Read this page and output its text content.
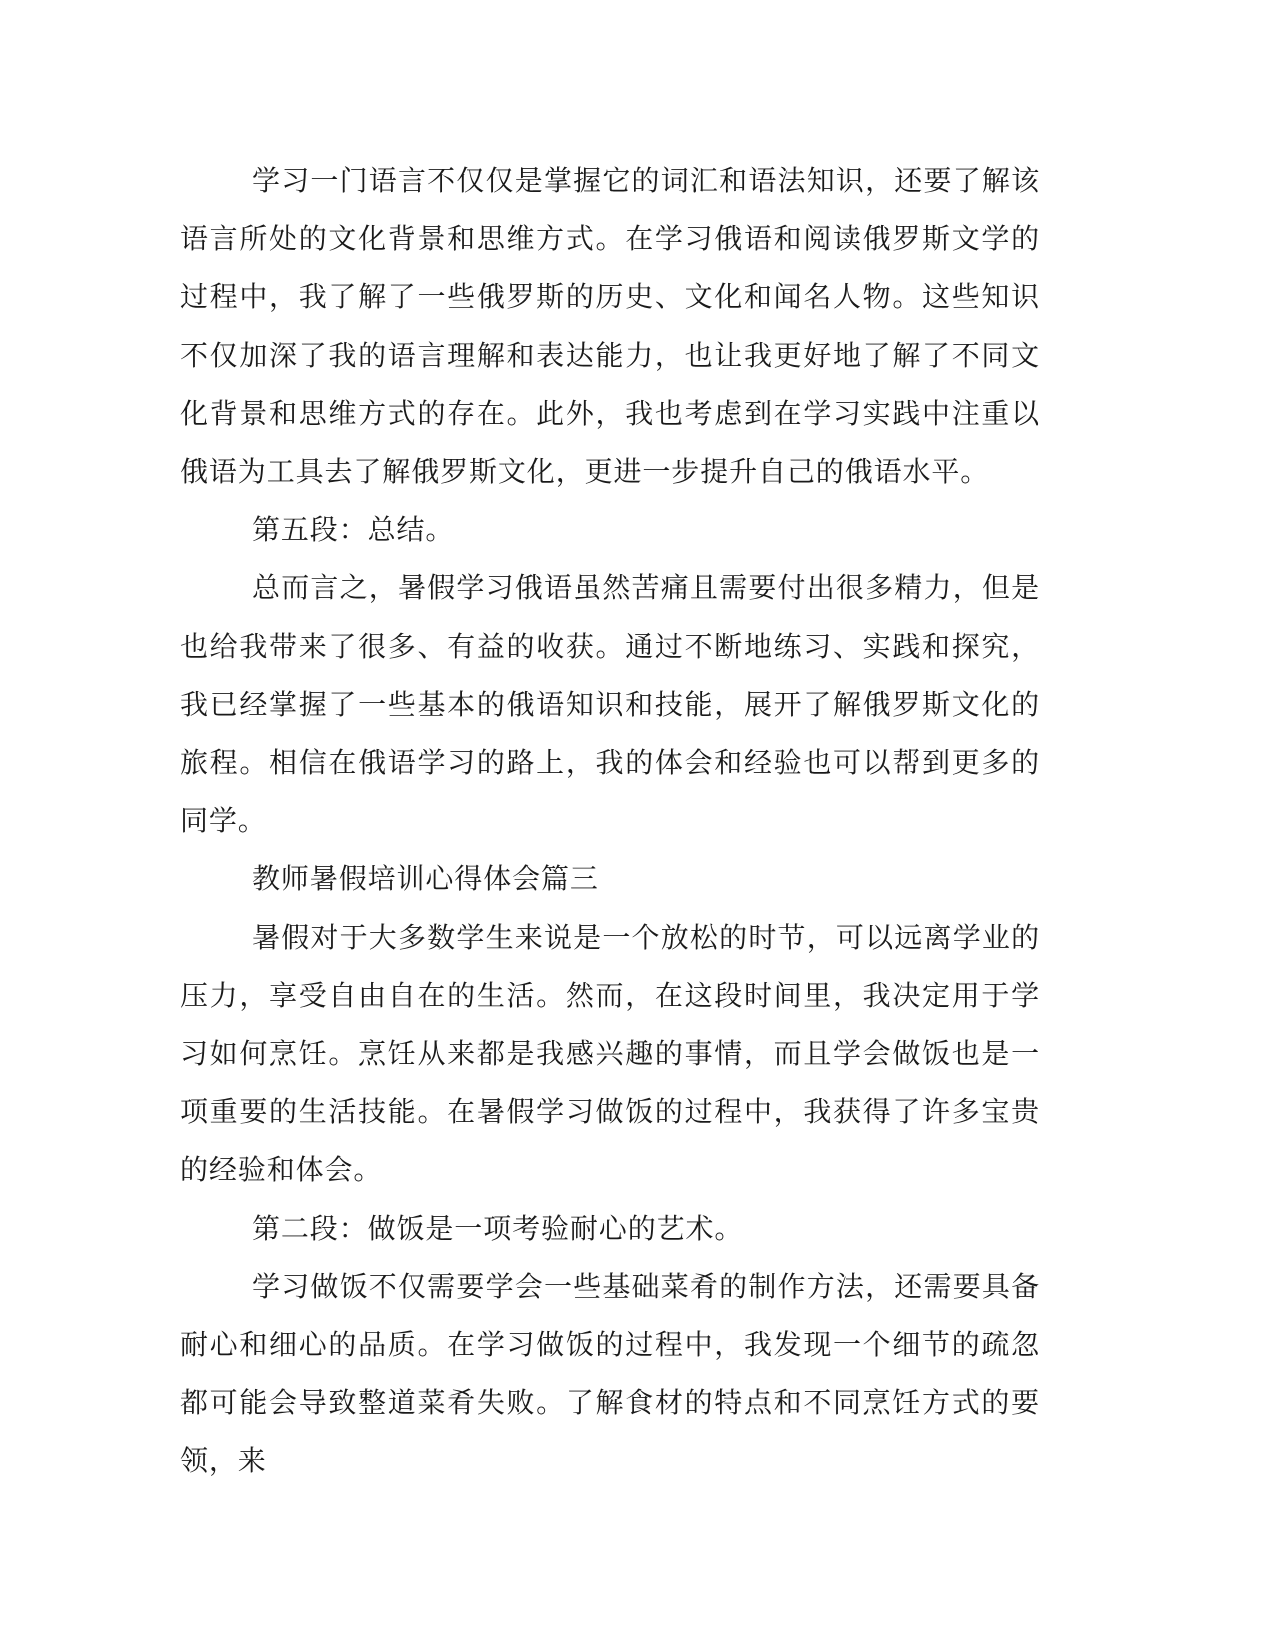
学习一门语言不仅仅是掌握它的词汇和语法知识，还要了解该语言所处的文化背景和思维方式。在学习俄语和阅读俄罗斯文学的过程中，我了解了一些俄罗斯的历史、文化和闻名人物。这些知识不仅加深了我的语言理解和表达能力，也让我更好地了解了不同文化背景和思维方式的存在。此外，我也考虑到在学习实践中注重以俄语为工具去了解俄罗斯文化，更进一步提升自己的俄语水平。

第五段：总结。

总而言之，暑假学习俄语虽然苦痛且需要付出很多精力，但是也给我带来了很多、有益的收获。通过不断地练习、实践和探究，我已经掌握了一些基本的俄语知识和技能，展开了解俄罗斯文化的旅程。相信在俄语学习的路上，我的体会和经验也可以帮到更多的同学。

教师暑假培训心得体会篇三

暑假对于大多数学生来说是一个放松的时节，可以远离学业的压力，享受自由自在的生活。然而，在这段时间里，我决定用于学习如何烹饪。烹饪从来都是我感兴趣的事情，而且学会做饭也是一项重要的生活技能。在暑假学习做饭的过程中，我获得了许多宝贵的经验和体会。

第二段：做饭是一项考验耐心的艺术。

学习做饭不仅需要学会一些基础菜肴的制作方法，还需要具备耐心和细心的品质。在学习做饭的过程中，我发现一个细节的疏忽都可能会导致整道菜肴失败。了解食材的特点和不同烹饪方式的要领，来
